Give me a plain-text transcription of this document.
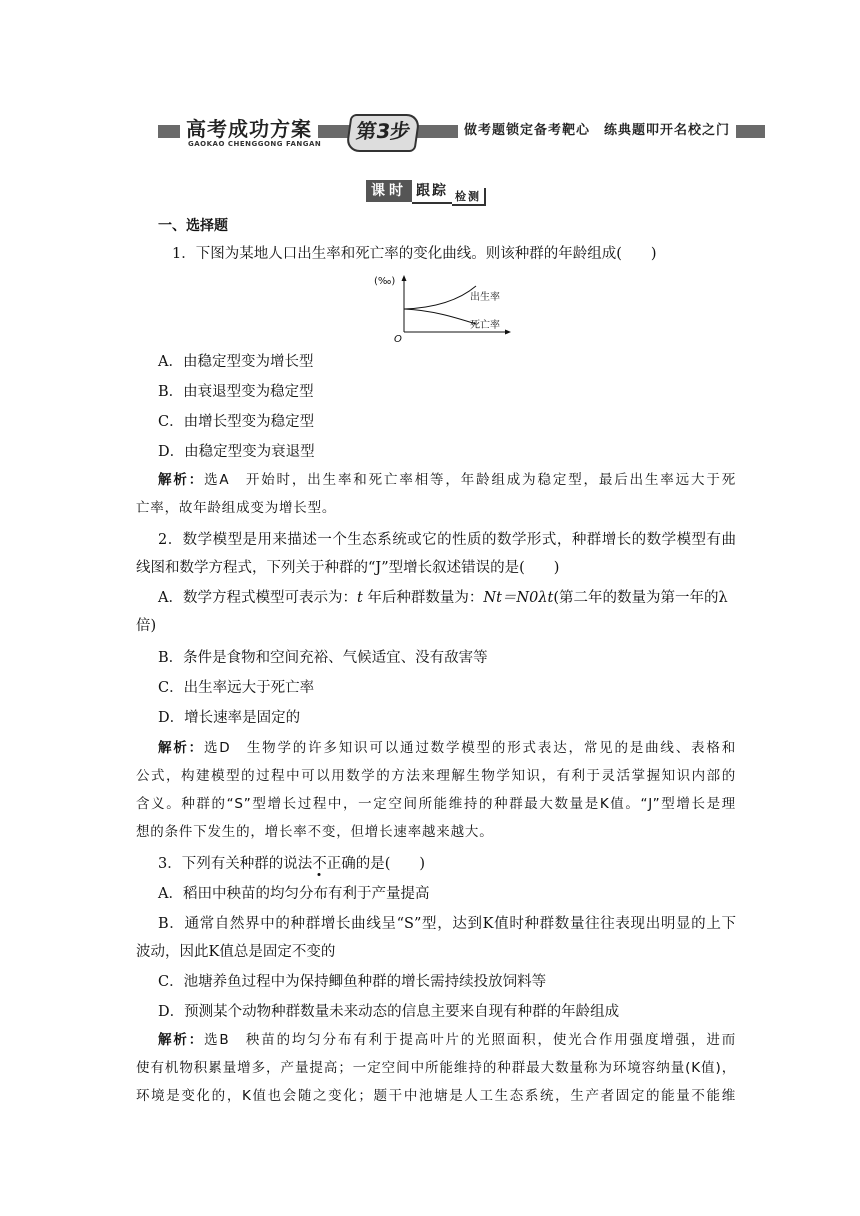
高考成功方案
GAOKAO CHENGGONG FANGAN
第3步	做考题锁定备考靶心　练典题叩开名校之门
课时 跟踪 检测
一、选择题
1．下图为某地人口出生率和死亡率的变化曲线。则该种群的年龄组成(　　)
(‰)
出生率
死亡率
O
A．由稳定型变为增长型
B．由衰退型变为稳定型
C．由增长型变为稳定型
D．由稳定型变为衰退型
解析：选A　开始时，出生率和死亡率相等，年龄组成为稳定型，最后出生率远大于死
亡率，故年龄组成变为增长型。
2．数学模型是用来描述一个生态系统或它的性质的数学形式，种群增长的数学模型有曲
线图和数学方程式，下列关于种群的“J”型增长叙述错误的是(　　)
A．数学方程式模型可表示为：t 年后种群数量为：Nt＝N0λt(第二年的数量为第一年的λ
倍)
B．条件是食物和空间充裕、气候适宜、没有敌害等
C．出生率远大于死亡率
D．增长速率是固定的
解析：选D　生物学的许多知识可以通过数学模型的形式表达，常见的是曲线、表格和
公式，构建模型的过程中可以用数学的方法来理解生物学知识，有利于灵活掌握知识内部的
含义。种群的“S”型增长过程中，一定空间所能维持的种群最大数量是K值。“J”型增长是理
想的条件下发生的，增长率不变，但增长速率越来越大。
3．下列有关种群的说法不正确的是(　　)
A．稻田中秧苗的均匀分布有利于产量提高
B．通常自然界中的种群增长曲线呈“S”型，达到K值时种群数量往往表现出明显的上下
波动，因此K值总是固定不变的
C．池塘养鱼过程中为保持鲫鱼种群的增长需持续投放饲料等
D．预测某个动物种群数量未来动态的信息主要来自现有种群的年龄组成
解析：选B　秧苗的均匀分布有利于提高叶片的光照面积，使光合作用强度增强，进而
使有机物积累量增多，产量提高；一定空间中所能维持的种群最大数量称为环境容纳量(K值)，
环境是变化的，K值也会随之变化；题干中池塘是人工生态系统，生产者固定的能量不能维
